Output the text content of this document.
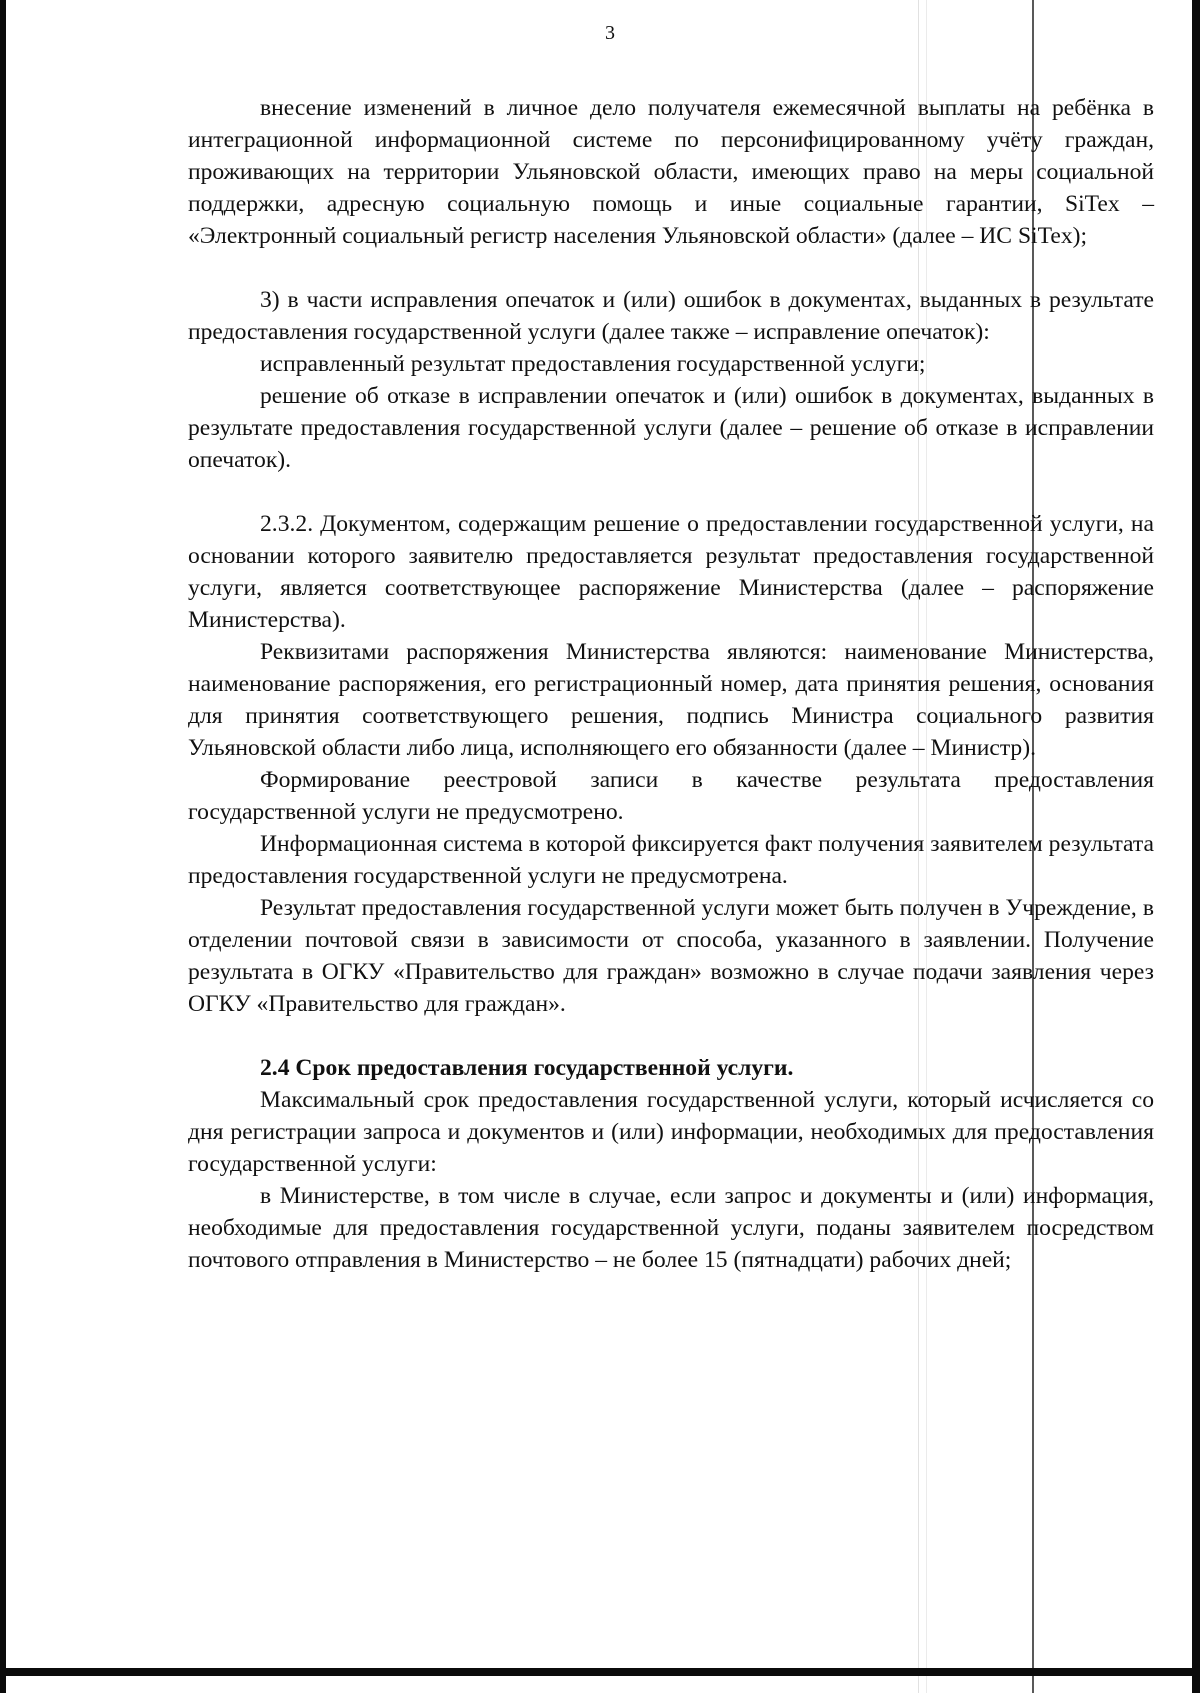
3

внесение изменений в личное дело получателя ежемесячной выплаты на ребёнка в интеграционной информационной системе по персонифицированному учёту граждан, проживающих на территории Ульяновской области, имеющих право на меры социальной поддержки, адресную социальную помощь и иные социальные гарантии, SiTex – «Электронный социальный регистр населения Ульяновской области» (далее – ИС SiTex);

3) в части исправления опечаток и (или) ошибок в документах, выданных в результате предоставления государственной услуги (далее также – исправление опечаток):

исправленный результат предоставления государственной услуги;

решение об отказе в исправлении опечаток и (или) ошибок в документах, выданных в результате предоставления государственной услуги (далее – решение об отказе в исправлении опечаток).

2.3.2. Документом, содержащим решение о предоставлении государственной услуги, на основании которого заявителю предоставляется результат предоставления государственной услуги, является соответствующее распоряжение Министерства (далее – распоряжение Министерства).

Реквизитами распоряжения Министерства являются: наименование Министерства, наименование распоряжения, его регистрационный номер, дата принятия решения, основания для принятия соответствующего решения, подпись Министра социального развития Ульяновской области либо лица, исполняющего его обязанности (далее – Министр).

Формирование реестровой записи в качестве результата предоставления государственной услуги не предусмотрено.

Информационная система в которой фиксируется факт получения заявителем результата предоставления государственной услуги не предусмотрена.

Результат предоставления государственной услуги может быть получен в Учреждение, в отделении почтовой связи в зависимости от способа, указанного в заявлении. Получение результата в ОГКУ «Правительство для граждан» возможно в случае подачи заявления через ОГКУ «Правительство для граждан».

2.4 Срок предоставления государственной услуги.

Максимальный срок предоставления государственной услуги, который исчисляется со дня регистрации запроса и документов и (или) информации, необходимых для предоставления государственной услуги:

в Министерстве, в том числе в случае, если запрос и документы и (или) информация, необходимые для предоставления государственной услуги, поданы заявителем посредством почтового отправления в Министерство – не более 15 (пятнадцати) рабочих дней;
